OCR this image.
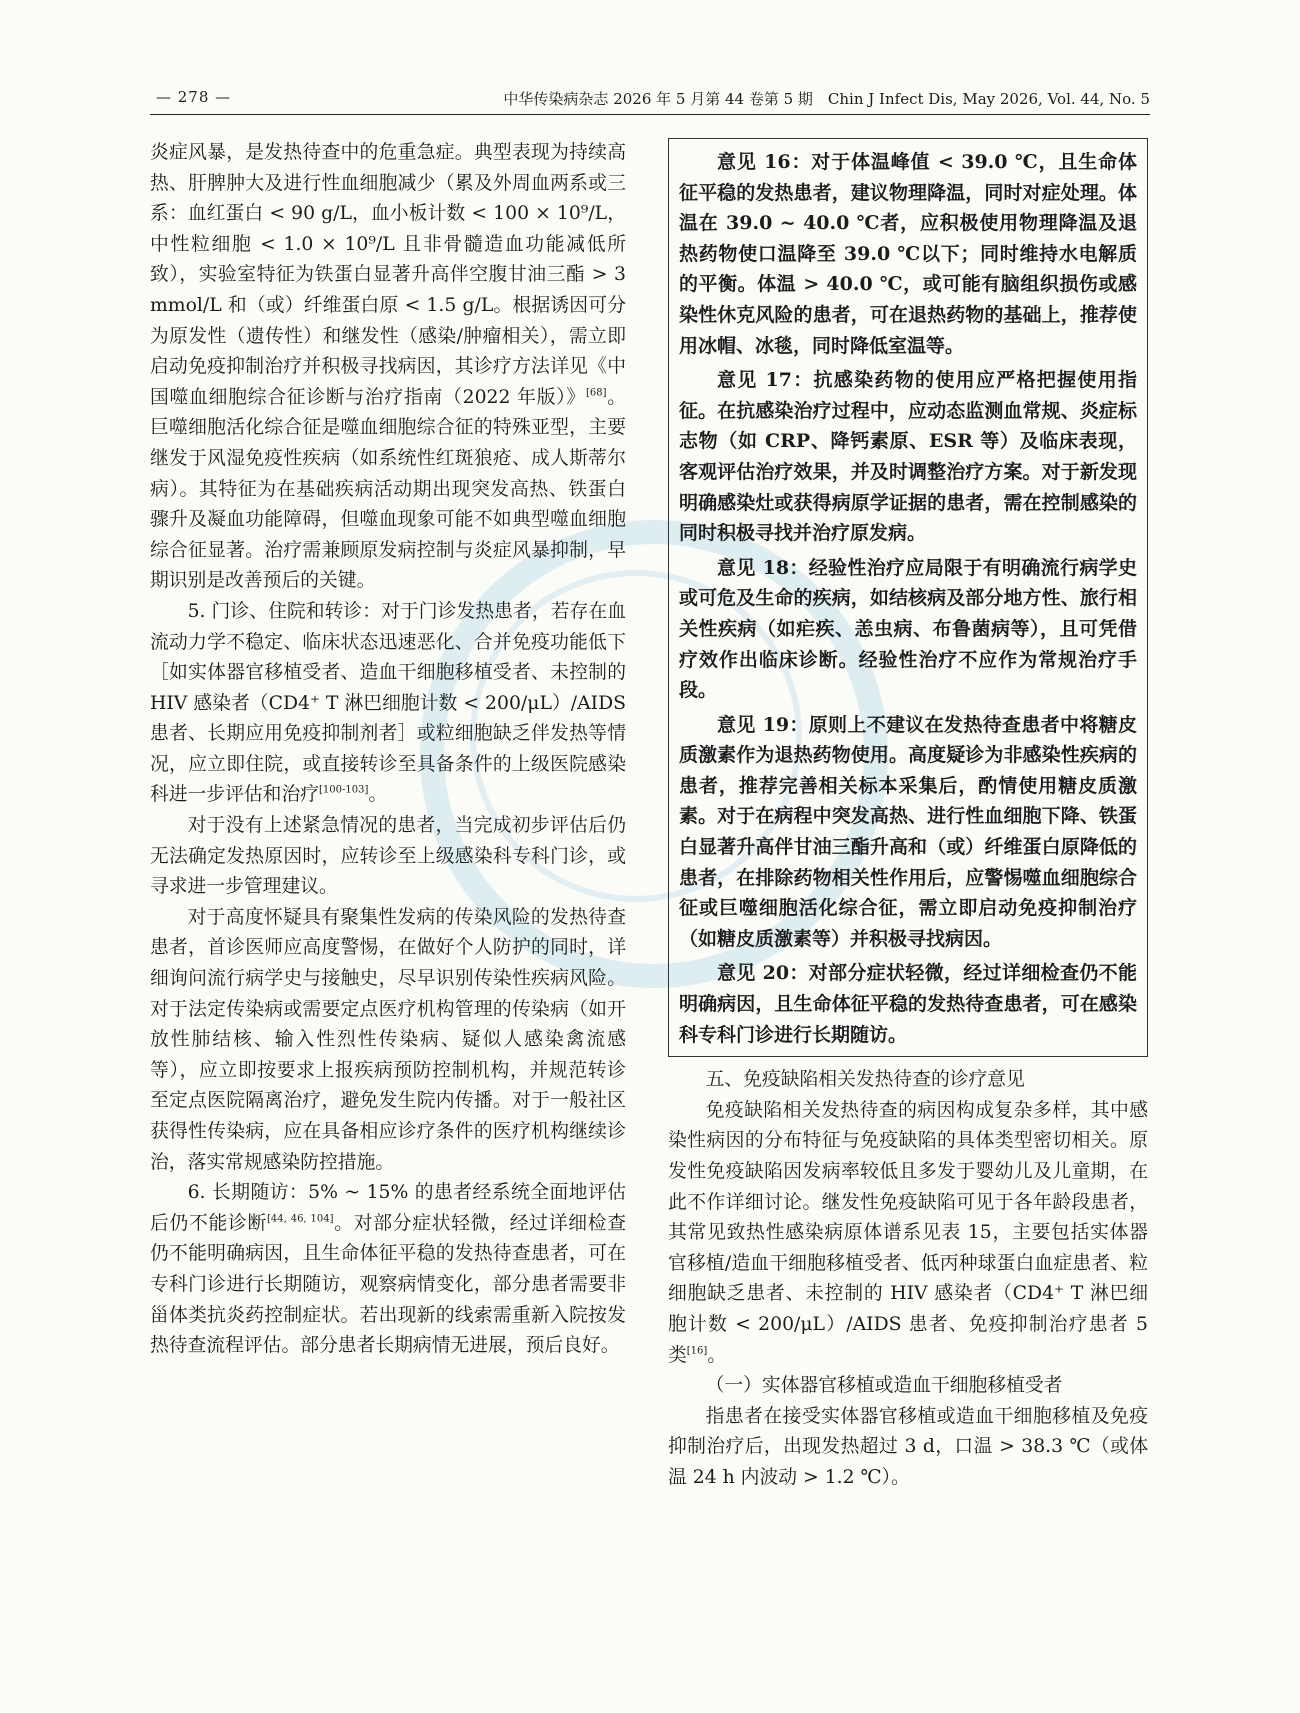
— 278 —	中华传染病杂志 2026 年 5 月第 44 卷第 5 期　Chin J Infect Dis, May 2026, Vol. 44, No. 5

炎症风暴，是发热待查中的危重急症。典型表现为持续高热、肝脾肿大及进行性血细胞减少（累及外周血两系或三系：血红蛋白 < 90 g/L，血小板计数 < 100 × 10⁹/L，中性粒细胞 < 1.0 × 10⁹/L 且非骨髓造血功能减低所致），实验室特征为铁蛋白显著升高伴空腹甘油三酯 > 3 mmol/L 和（或）纤维蛋白原 < 1.5 g/L。根据诱因可分为原发性（遗传性）和继发性（感染/肿瘤相关），需立即启动免疫抑制治疗并积极寻找病因，其诊疗方法详见《中国噬血细胞综合征诊断与治疗指南（2022 年版）》[68]。巨噬细胞活化综合征是噬血细胞综合征的特殊亚型，主要继发于风湿免疫性疾病（如系统性红斑狼疮、成人斯蒂尔病）。其特征为在基础疾病活动期出现突发高热、铁蛋白骤升及凝血功能障碍，但噬血现象可能不如典型噬血细胞综合征显著。治疗需兼顾原发病控制与炎症风暴抑制，早期识别是改善预后的关键。

5. 门诊、住院和转诊：对于门诊发热患者，若存在血流动力学不稳定、临床状态迅速恶化、合并免疫功能低下［如实体器官移植受者、造血干细胞移植受者、未控制的 HIV 感染者（CD4⁺ T 淋巴细胞计数 < 200/μL）/AIDS 患者、长期应用免疫抑制剂者］或粒细胞缺乏伴发热等情况，应立即住院，或直接转诊至具备条件的上级医院感染科进一步评估和治疗[100-103]。

对于没有上述紧急情况的患者，当完成初步评估后仍无法确定发热原因时，应转诊至上级感染科专科门诊，或寻求进一步管理建议。

对于高度怀疑具有聚集性发病的传染风险的发热待查患者，首诊医师应高度警惕，在做好个人防护的同时，详细询问流行病学史与接触史，尽早识别传染性疾病风险。对于法定传染病或需要定点医疗机构管理的传染病（如开放性肺结核、输入性烈性传染病、疑似人感染禽流感等），应立即按要求上报疾病预防控制机构，并规范转诊至定点医院隔离治疗，避免发生院内传播。对于一般社区获得性传染病，应在具备相应诊疗条件的医疗机构继续诊治，落实常规感染防控措施。

6. 长期随访：5% ~ 15% 的患者经系统全面地评估后仍不能诊断[44, 46, 104]。对部分症状轻微，经过详细检查仍不能明确病因，且生命体征平稳的发热待查患者，可在专科门诊进行长期随访，观察病情变化，部分患者需要非甾体类抗炎药控制症状。若出现新的线索需重新入院按发热待查流程评估。部分患者长期病情无进展，预后良好。

意见 16：对于体温峰值 < 39.0 ℃，且生命体征平稳的发热患者，建议物理降温，同时对症处理。体温在 39.0 ~ 40.0 ℃者，应积极使用物理降温及退热药物使口温降至 39.0 ℃以下；同时维持水电解质的平衡。体温 > 40.0 ℃，或可能有脑组织损伤或感染性休克风险的患者，可在退热药物的基础上，推荐使用冰帽、冰毯，同时降低室温等。

意见 17：抗感染药物的使用应严格把握使用指征。在抗感染治疗过程中，应动态监测血常规、炎症标志物（如 CRP、降钙素原、ESR 等）及临床表现，客观评估治疗效果，并及时调整治疗方案。对于新发现明确感染灶或获得病原学证据的患者，需在控制感染的同时积极寻找并治疗原发病。

意见 18：经验性治疗应局限于有明确流行病学史或可危及生命的疾病，如结核病及部分地方性、旅行相关性疾病（如疟疾、恙虫病、布鲁菌病等），且可凭借疗效作出临床诊断。经验性治疗不应作为常规治疗手段。

意见 19：原则上不建议在发热待查患者中将糖皮质激素作为退热药物使用。高度疑诊为非感染性疾病的患者，推荐完善相关标本采集后，酌情使用糖皮质激素。对于在病程中突发高热、进行性血细胞下降、铁蛋白显著升高伴甘油三酯升高和（或）纤维蛋白原降低的患者，在排除药物相关性作用后，应警惕噬血细胞综合征或巨噬细胞活化综合征，需立即启动免疫抑制治疗（如糖皮质激素等）并积极寻找病因。

意见 20：对部分症状轻微，经过详细检查仍不能明确病因，且生命体征平稳的发热待查患者，可在感染科专科门诊进行长期随访。

五、免疫缺陷相关发热待查的诊疗意见

免疫缺陷相关发热待查的病因构成复杂多样，其中感染性病因的分布特征与免疫缺陷的具体类型密切相关。原发性免疫缺陷因发病率较低且多发于婴幼儿及儿童期，在此不作详细讨论。继发性免疫缺陷可见于各年龄段患者，其常见致热性感染病原体谱系见表 15，主要包括实体器官移植/造血干细胞移植受者、低丙种球蛋白血症患者、粒细胞缺乏患者、未控制的 HIV 感染者（CD4⁺ T 淋巴细胞计数 < 200/μL）/AIDS 患者、免疫抑制治疗患者 5 类[16]。

（一）实体器官移植或造血干细胞移植受者

指患者在接受实体器官移植或造血干细胞移植及免疫抑制治疗后，出现发热超过 3 d，口温 > 38.3 ℃（或体温 24 h 内波动 > 1.2 ℃）。
